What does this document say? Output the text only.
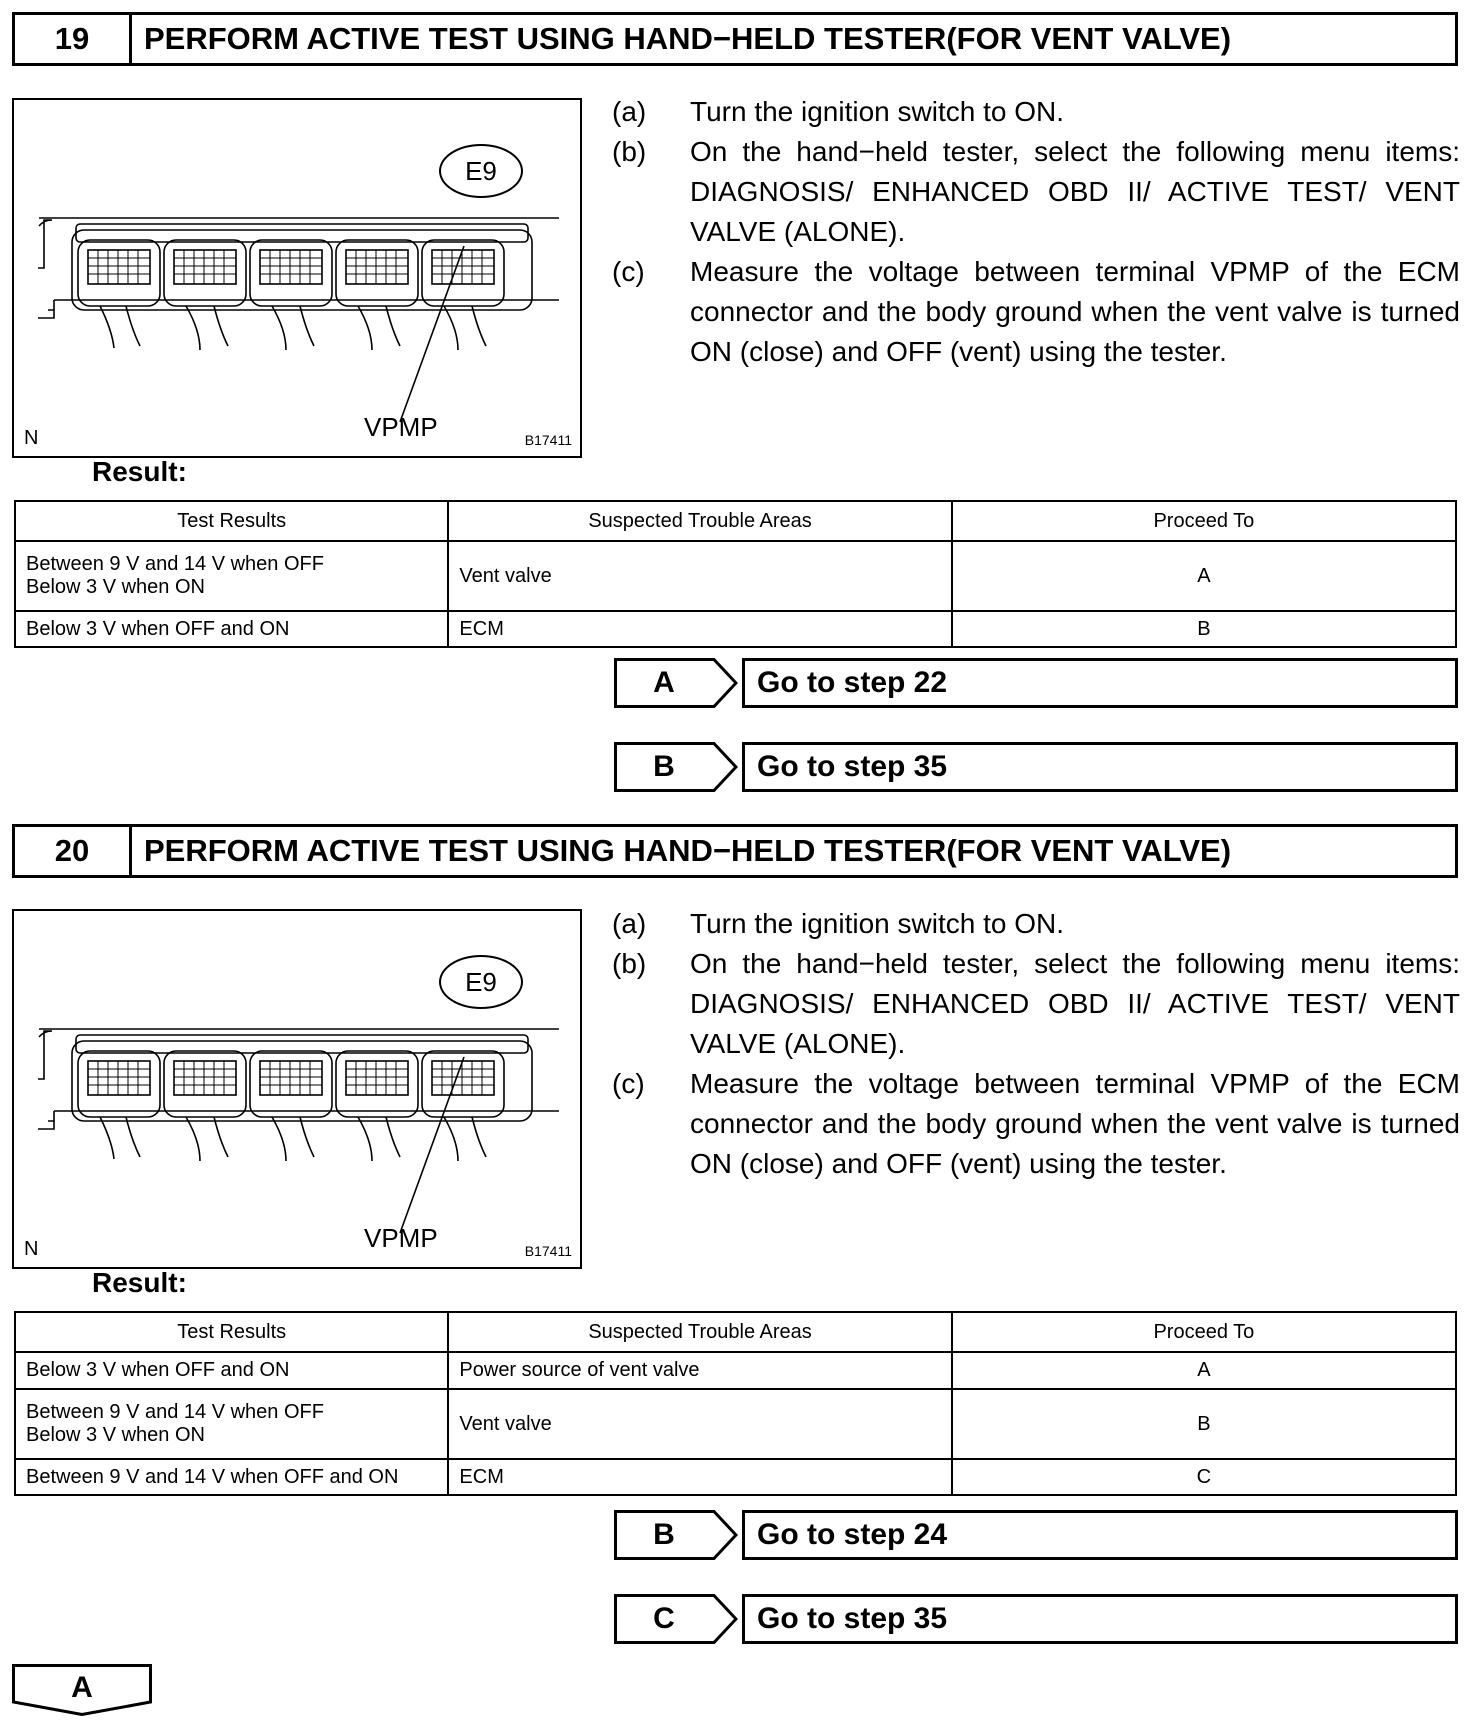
19	PERFORM ACTIVE TEST USING HAND−HELD TESTER(FOR VENT VALVE)
E9
VPMP
N	B17411
(a)	Turn the ignition switch to ON.
(b)	On the hand−held tester, select the following menu items: DIAGNOSIS/ ENHANCED OBD II/ ACTIVE TEST/ VENT VALVE (ALONE).
(c)	Measure the voltage between terminal VPMP of the ECM connector and the body ground when the vent valve is turned ON (close) and OFF (vent) using the tester.
Result:
Test Results	Suspected Trouble Areas	Proceed To

Between 9 V and 14 V when OFF
Below 3 V when ON	Vent valve	A

Below 3 V when OFF and ON	ECM	B
A	Go to step 22
B	Go to step 35
20	PERFORM ACTIVE TEST USING HAND−HELD TESTER(FOR VENT VALVE)
E9
VPMP
N	B17411
(a)	Turn the ignition switch to ON.
(b)	On the hand−held tester, select the following menu items: DIAGNOSIS/ ENHANCED OBD II/ ACTIVE TEST/ VENT VALVE (ALONE).
(c)	Measure the voltage between terminal VPMP of the ECM connector and the body ground when the vent valve is turned ON (close) and OFF (vent) using the tester.
Result:
Test Results	Suspected Trouble Areas	Proceed To

Below 3 V when OFF and ON	Power source of vent valve	A

Between 9 V and 14 V when OFF
Below 3 V when ON	Vent valve	B

Between 9 V and 14 V when OFF and ON	ECM	C
B	Go to step 24
C	Go to step 35
A
